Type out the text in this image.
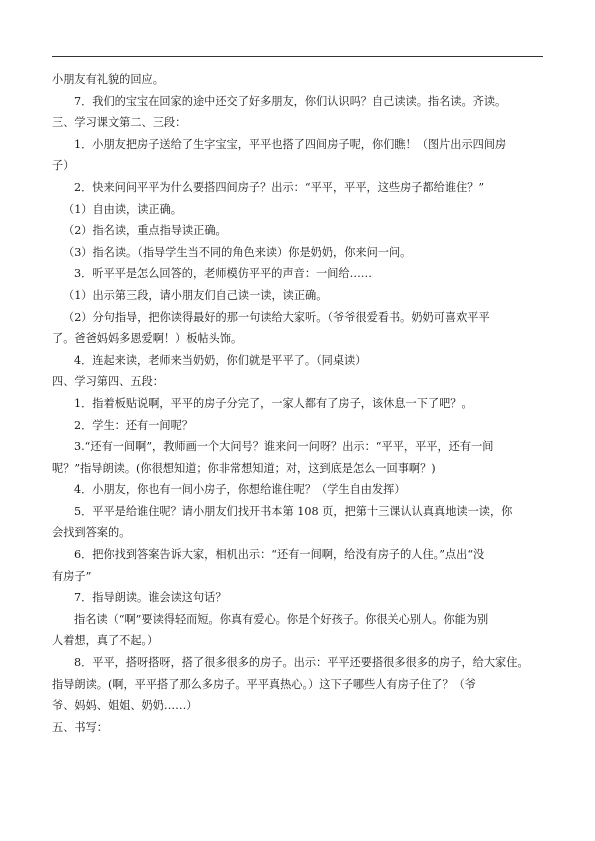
小朋友有礼貌的回应。
7．我们的宝宝在回家的途中还交了好多朋友，你们认识吗？自己读读。指名读。齐读。
三、学习课文第二、三段：
1．小朋友把房子送给了生字宝宝，平平也搭了四间房子呢，你们瞧！（图片出示四间房
子）
2．快来问问平平为什么要搭四间房子？出示：“平平，平平，这些房子都给谁住？”
（1）自由读，读正确。
（2）指名读，重点指导读正确。
（3）指名读。（指导学生当不同的角色来读）你是奶奶，你来问一问。
3．听平平是怎么回答的，老师模仿平平的声音：一间给……
（1）出示第三段，请小朋友们自己读一读，读正确。
（2）分句指导，把你读得最好的那一句读给大家听。（爷爷很爱看书。奶奶可喜欢平平
了。爸爸妈妈多恩爱啊！）板帖头饰。
4．连起来读，老师来当奶奶，你们就是平平了。（同桌读）
四、学习第四、五段：
1．指着板贴说啊，平平的房子分完了，一家人都有了房子，该休息一下了吧？。
2．学生：还有一间呢？
3.“还有一间啊”，教师画一个大问号？谁来问一问呀？出示：“平平，平平，还有一间
呢？”指导朗读。(你很想知道；你非常想知道；对，这到底是怎么一回事啊？)
4．小朋友，你也有一间小房子，你想给谁住呢？（学生自由发挥）
5．平平是给谁住呢？请小朋友们找开书本第 108 页，把第十三课认认真真地读一读，你
会找到答案的。
6．把你找到答案告诉大家，相机出示：“还有一间啊，给没有房子的人住。”点出“没
有房子”
7．指导朗读。谁会读这句话？
指名读（“啊”要读得轻而短。你真有爱心。你是个好孩子。你很关心别人。你能为别
人着想，真了不起。）
8．平平，搭呀搭呀，搭了很多很多的房子。出示：平平还要搭很多很多的房子，给大家住。
指导朗读。(啊，平平搭了那么多房子。平平真热心。）这下子哪些人有房子住了？（爷
爷、妈妈、姐姐、奶奶……）
五、书写：
